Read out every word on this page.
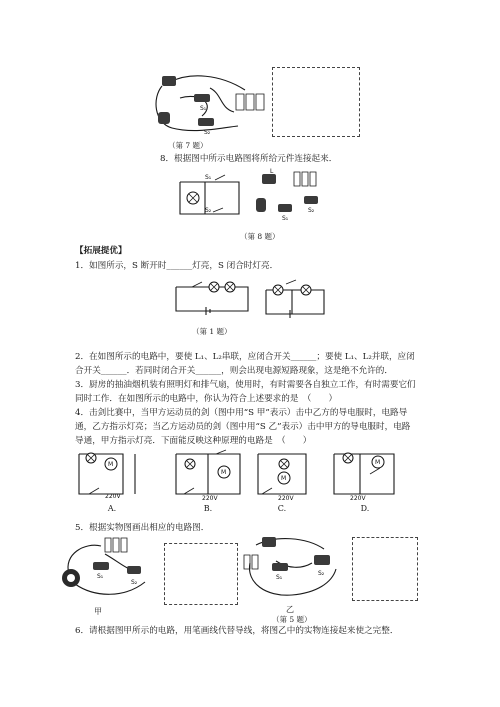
S₁
S₂
（第 7 题）
8．根据图中所示电路图将所给元件连接起来．
S₁
S₂
L
S₁
S₂
（第 8 题）
【拓展提优】
1．如图所示，S 断开时______灯亮，S 闭合时灯亮．
（第 1 题）
2．在如图所示的电路中，要使 L₁、L₂串联，应闭合开关______；要使 L₁、L₂并联，应闭
合开关______．若同时闭合开关______，则会出现电源短路现象，这是绝不允许的．
3．厨房的抽油烟机装有照明灯和排气扇，使用时，有时需要各自独立工作，有时需要它们
同时工作．在如图所示的电路中，你认为符合上述要求的是　（　　）
4．击剑比赛中，当甲方运动员的剑（图中用“S 甲”表示）击中乙方的导电服时，电路导
通，乙方指示灯亮；当乙方运动员的剑（图中用“S 乙”表示）击中甲方的导电服时，电路
导通，甲方指示灯亮．下面能反映这种原理的电路是　（　　）
M
220V
M
220V
M
220V
M
220V
A.	B.	C.	D.
5．根据实物图画出相应的电路图．
S₁
S₂
甲
S₁
S₂
乙
（第 5 题）
6．请根据图甲所示的电路，用笔画线代替导线，将图乙中的实物连接起来使之完整．
